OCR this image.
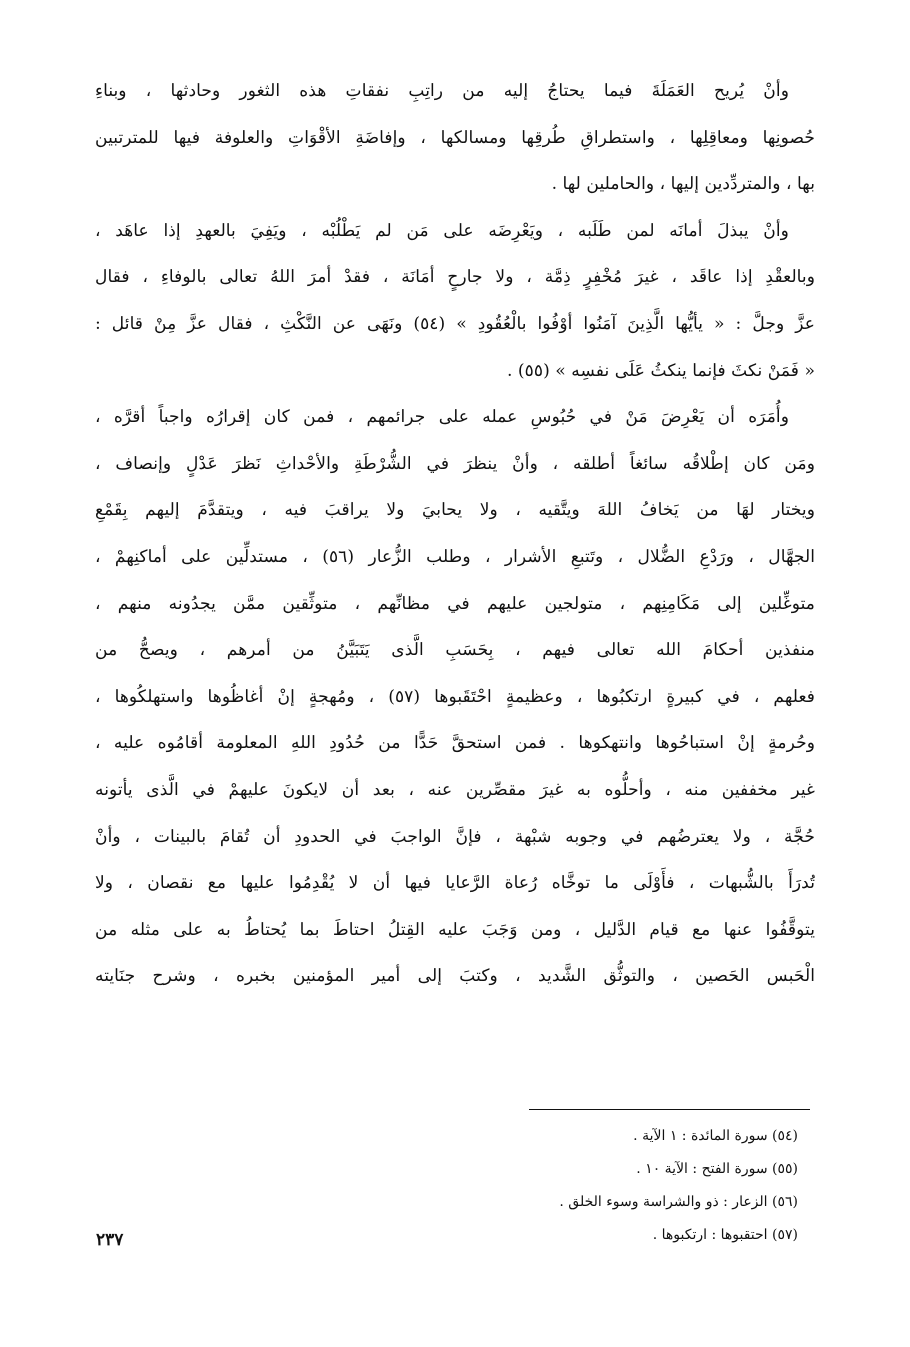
وأنْ يُريح العَمَلَةَ فيما يحتاجُ إليه من راتِبِ نفقاتِ هذه الثغور وحادثها ، وبناءِ
حُصونِها ومعاقِلِها ، واستطراقِ طُرقِها ومسالكها ، وإفاضَةِ الأقْوَاتِ والعلوفة فيها للمترتبين
بها ، والمتردِّدين إليها ، والحاملين لها .
وأنْ يبذلَ أمانَه لمن طَلَبه ، ويَعْرِضَه على مَن لم يَطْلُبْه ، ويَفِيَ بالعهدِ إذا عاهَد ،
وبالعقْدِ إذا عاقَد ، غيرَ مُخْفِرٍ ذِمَّة ، ولا جارحٍ أمَانَة ، فقدْ أمرَ اللهُ تعالى بالوفاءِ ، فقال
عزَّ وجلَّ : « يأيُّها الَّذِينَ آمَنُوا أوْفُوا بالْعُقُودِ » (٥٤) ونَهَى عن النَّكْثِ ، فقال عزَّ مِنْ قائل :
« فَمَنْ نكثَ فإنما ينكثُ عَلَى نفسِه » (٥٥) .
وأُمَرَه أن يَعْرِضَ مَنْ في حُبُوسِ عمله على جرائمهم ، فمن كان إقرارُه واجباً أقرَّه ،
ومَن كان إطْلاقُه سائغاً أطلقه ، وأنْ ينظرَ في الشُّرْطَةِ والأحْداثِ نَظرَ عَدْلٍ وإنصاف ،
ويختار لهَا من يَخافُ اللهَ ويتَّقيه ، ولا يحابيَ ولا يراقبَ فيه ، ويتقدَّمَ إليهم بِقَمْعِ
الجهَّال ، ورَدْعِ الضُّلال ، وتَتبعِ الأشرار ، وطلب الزُّعار (٥٦) ، مستدلِّين على أماكنِهمْ ،
متوغِّلين إلى مَكَامِنِهم ، متولجين عليهم في مظانِّهم ، متوثِّقين ممَّن يجدُونه منهم ،
منفذين أحكامَ الله تعالى فيهم ، بِحَسَبِ الَّذى يَتَبَيَّنُ من أمرهم ، ويصحُّ من
فعلهم ، في كبيرةٍ ارتكبُوها ، وعظيمةٍ احْتَقَبوها (٥٧) ، ومُهجةٍ إنْ أغاظُوها واستهلكُوها ،
وحُرمةٍ إنْ استباحُوها وانتهكوها . فمن استحقَّ حَدًّا من حُدُودِ اللهِ المعلومة أقامُوه عليه ،
غير مخففين منه ، وأحلُّوه به غيرَ مقصِّرين عنه ، بعد أن لايكونَ عليهمْ في الَّذى يأتونه
حُجَّة ، ولا يعترضُهم في وجوبه شبْهة ، فإنَّ الواجبَ في الحدودِ أن تُقامَ بالبينات ، وأنْ
تُدرَأَ بالشُّبهات ، فأَوْلَى ما توخَّاه رُعاة الرَّعايا فيها أن لا يُقْدِمُوا عليها مع نقصان ، ولا
يتوقَّفُوا عنها مع قيام الدَّليل ، ومن وَجَبَ عليه القِتلُ احتاطَ بما يُحتاطُ به على مثله من
الْحَبس الحَصين ، والتوثُّق الشَّديد ، وكتبَ إلى أمير المؤمنين بخبره ، وشرح جنَايته
(٥٤) سورة المائدة : ١ الآية .
(٥٥) سورة الفتح : الآية ١٠ .
(٥٦) الزعار : ذو والشراسة وسوء الخلق .
(٥٧) احتقبوها : ارتكبوها .
٢٣٧
